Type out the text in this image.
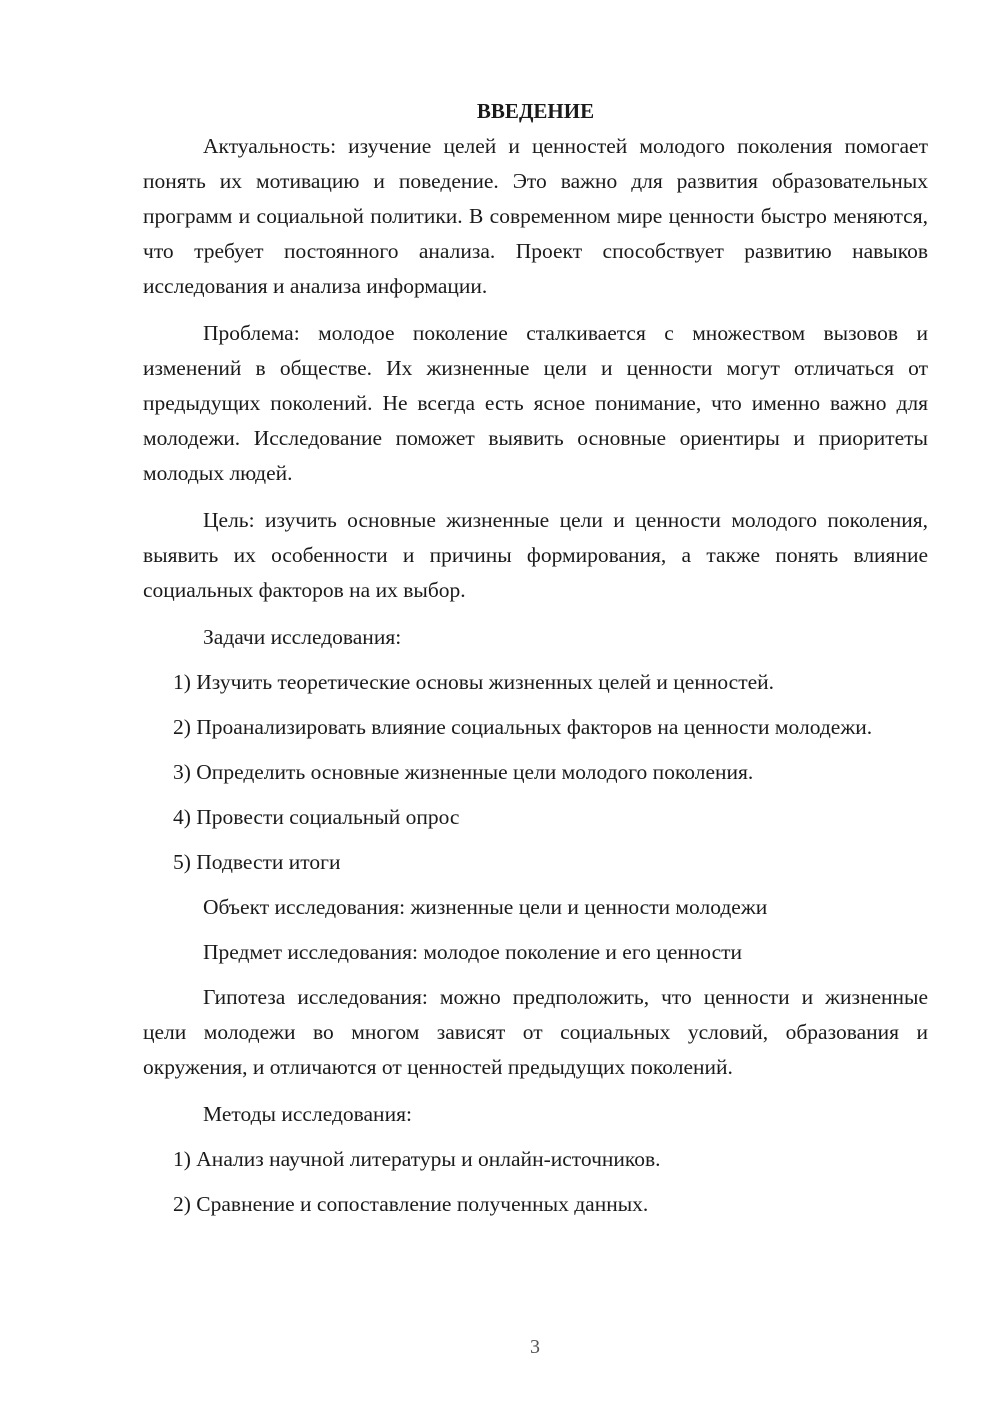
ВВЕДЕНИЕ

Актуальность: изучение целей и ценностей молодого поколения помогает понять их мотивацию и поведение. Это важно для развития образовательных программ и социальной политики. В современном мире ценности быстро меняются, что требует постоянного анализа. Проект способствует развитию навыков исследования и анализа информации.

Проблема: молодое поколение сталкивается с множеством вызовов и изменений в обществе. Их жизненные цели и ценности могут отличаться от предыдущих поколений. Не всегда есть ясное понимание, что именно важно для молодежи. Исследование поможет выявить основные ориентиры и приоритеты молодых людей.

Цель: изучить основные жизненные цели и ценности молодого поколения, выявить их особенности и причины формирования, а также понять влияние социальных факторов на их выбор.

Задачи исследования:

1) Изучить теоретические основы жизненных целей и ценностей.

2) Проанализировать влияние социальных факторов на ценности молодежи.

3) Определить основные жизненные цели молодого поколения.

4) Провести социальный опрос

5) Подвести итоги

Объект исследования: жизненные цели и ценности молодежи

Предмет исследования: молодое поколение и его ценности

Гипотеза исследования: можно предположить, что ценности и жизненные цели молодежи во многом зависят от социальных условий, образования и окружения, и отличаются от ценностей предыдущих поколений.

Методы исследования:

1) Анализ научной литературы и онлайн-источников.

2) Сравнение и сопоставление полученных данных.

3
